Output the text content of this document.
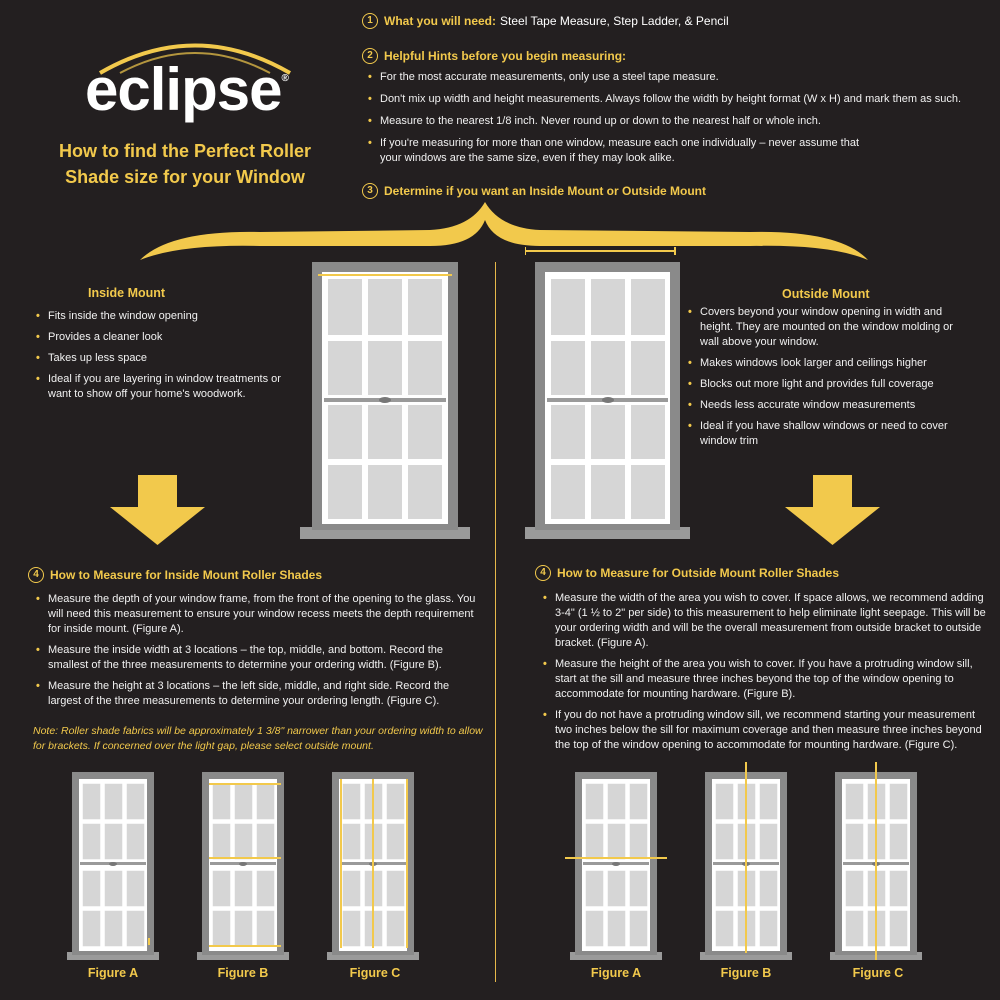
eclipse®
How to find the Perfect Roller
Shade size for your Window
1 What you will need: Steel Tape Measure, Step Ladder, & Pencil
2 Helpful Hints before you begin measuring:
• For the most accurate measurements, only use a steel tape measure.
• Don't mix up width and height measurements. Always follow the width by height format (W x H) and mark them as such.
• Measure to the nearest 1/8 inch. Never round up or down to the nearest half or whole inch.
• If you're measuring for more than one window, measure each one individually – never assume that your windows are the same size, even if they may look alike.
3 Determine if you want an Inside Mount or Outside Mount
Inside Mount
• Fits inside the window opening
• Provides a cleaner look
• Takes up less space
• Ideal if you are layering in window treatments or want to show off your home's woodwork.
Outside Mount
• Covers beyond your window opening in width and height. They are mounted on the window molding or wall above your window.
• Makes windows look larger and ceilings higher
• Blocks out more light and provides full coverage
• Needs less accurate window measurements
• Ideal if you have shallow windows or need to cover window trim
4 How to Measure for Inside Mount Roller Shades
• Measure the depth of your window frame, from the front of the opening to the glass. You will need this measurement to ensure your window recess meets the depth requirement for inside mount. (Figure A).
• Measure the inside width at 3 locations – the top, middle, and bottom. Record the smallest of the three measurements to determine your ordering width. (Figure B).
• Measure the height at 3 locations – the left side, middle, and right side. Record the largest of the three measurements to determine your ordering length. (Figure C).
Note: Roller shade fabrics will be approximately 1 3/8" narrower than your ordering width to allow for brackets. If concerned over the light gap, please select outside mount.
4 How to Measure for Outside Mount Roller Shades
• Measure the width of the area you wish to cover. If space allows, we recommend adding 3-4" (1 ½ to 2" per side) to this measurement to help eliminate light seepage. This will be your ordering width and will be the overall measurement from outside bracket to outside bracket. (Figure A).
• Measure the height of the area you wish to cover. If you have a protruding window sill, start at the sill and measure three inches beyond the top of the window opening to accommodate for mounting hardware. (Figure B).
• If you do not have a protruding window sill, we recommend starting your measurement two inches below the sill for maximum coverage and then measure three inches beyond the top of the window opening to accommodate for mounting hardware. (Figure C).
Figure A	Figure B	Figure C	Figure A	Figure B	Figure C
